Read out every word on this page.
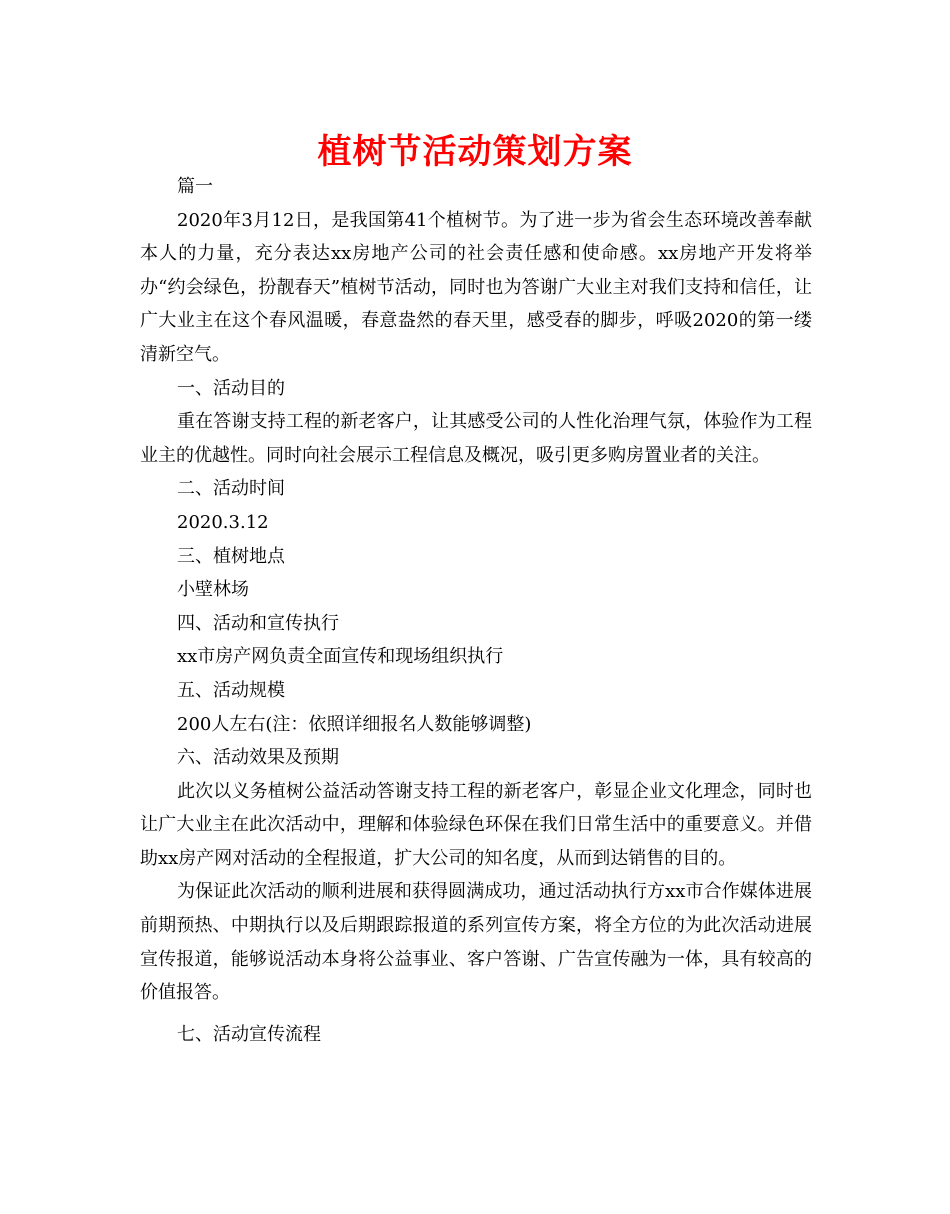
植树节活动策划方案

篇一

2020年3月12日，是我国第41个植树节。为了进一步为省会生态环境改善奉献本人的力量，充分表达xx房地产公司的社会责任感和使命感。xx房地产开发将举办“约会绿色，扮靓春天”植树节活动，同时也为答谢广大业主对我们支持和信任，让广大业主在这个春风温暖，春意盎然的春天里，感受春的脚步，呼吸2020的第一缕清新空气。

一、活动目的

重在答谢支持工程的新老客户，让其感受公司的人性化治理气氛，体验作为工程业主的优越性。同时向社会展示工程信息及概况，吸引更多购房置业者的关注。

二、活动时间

2020.3.12

三、植树地点

小壁林场

四、活动和宣传执行

xx市房产网负责全面宣传和现场组织执行

五、活动规模

200人左右(注：依照详细报名人数能够调整)

六、活动效果及预期

此次以义务植树公益活动答谢支持工程的新老客户，彰显企业文化理念，同时也让广大业主在此次活动中，理解和体验绿色环保在我们日常生活中的重要意义。并借助xx房产网对活动的全程报道，扩大公司的知名度，从而到达销售的目的。

为保证此次活动的顺利进展和获得圆满成功，通过活动执行方xx市合作媒体进展前期预热、中期执行以及后期跟踪报道的系列宣传方案，将全方位的为此次活动进展宣传报道，能够说活动本身将公益事业、客户答谢、广告宣传融为一体，具有较高的价值报答。

七、活动宣传流程
